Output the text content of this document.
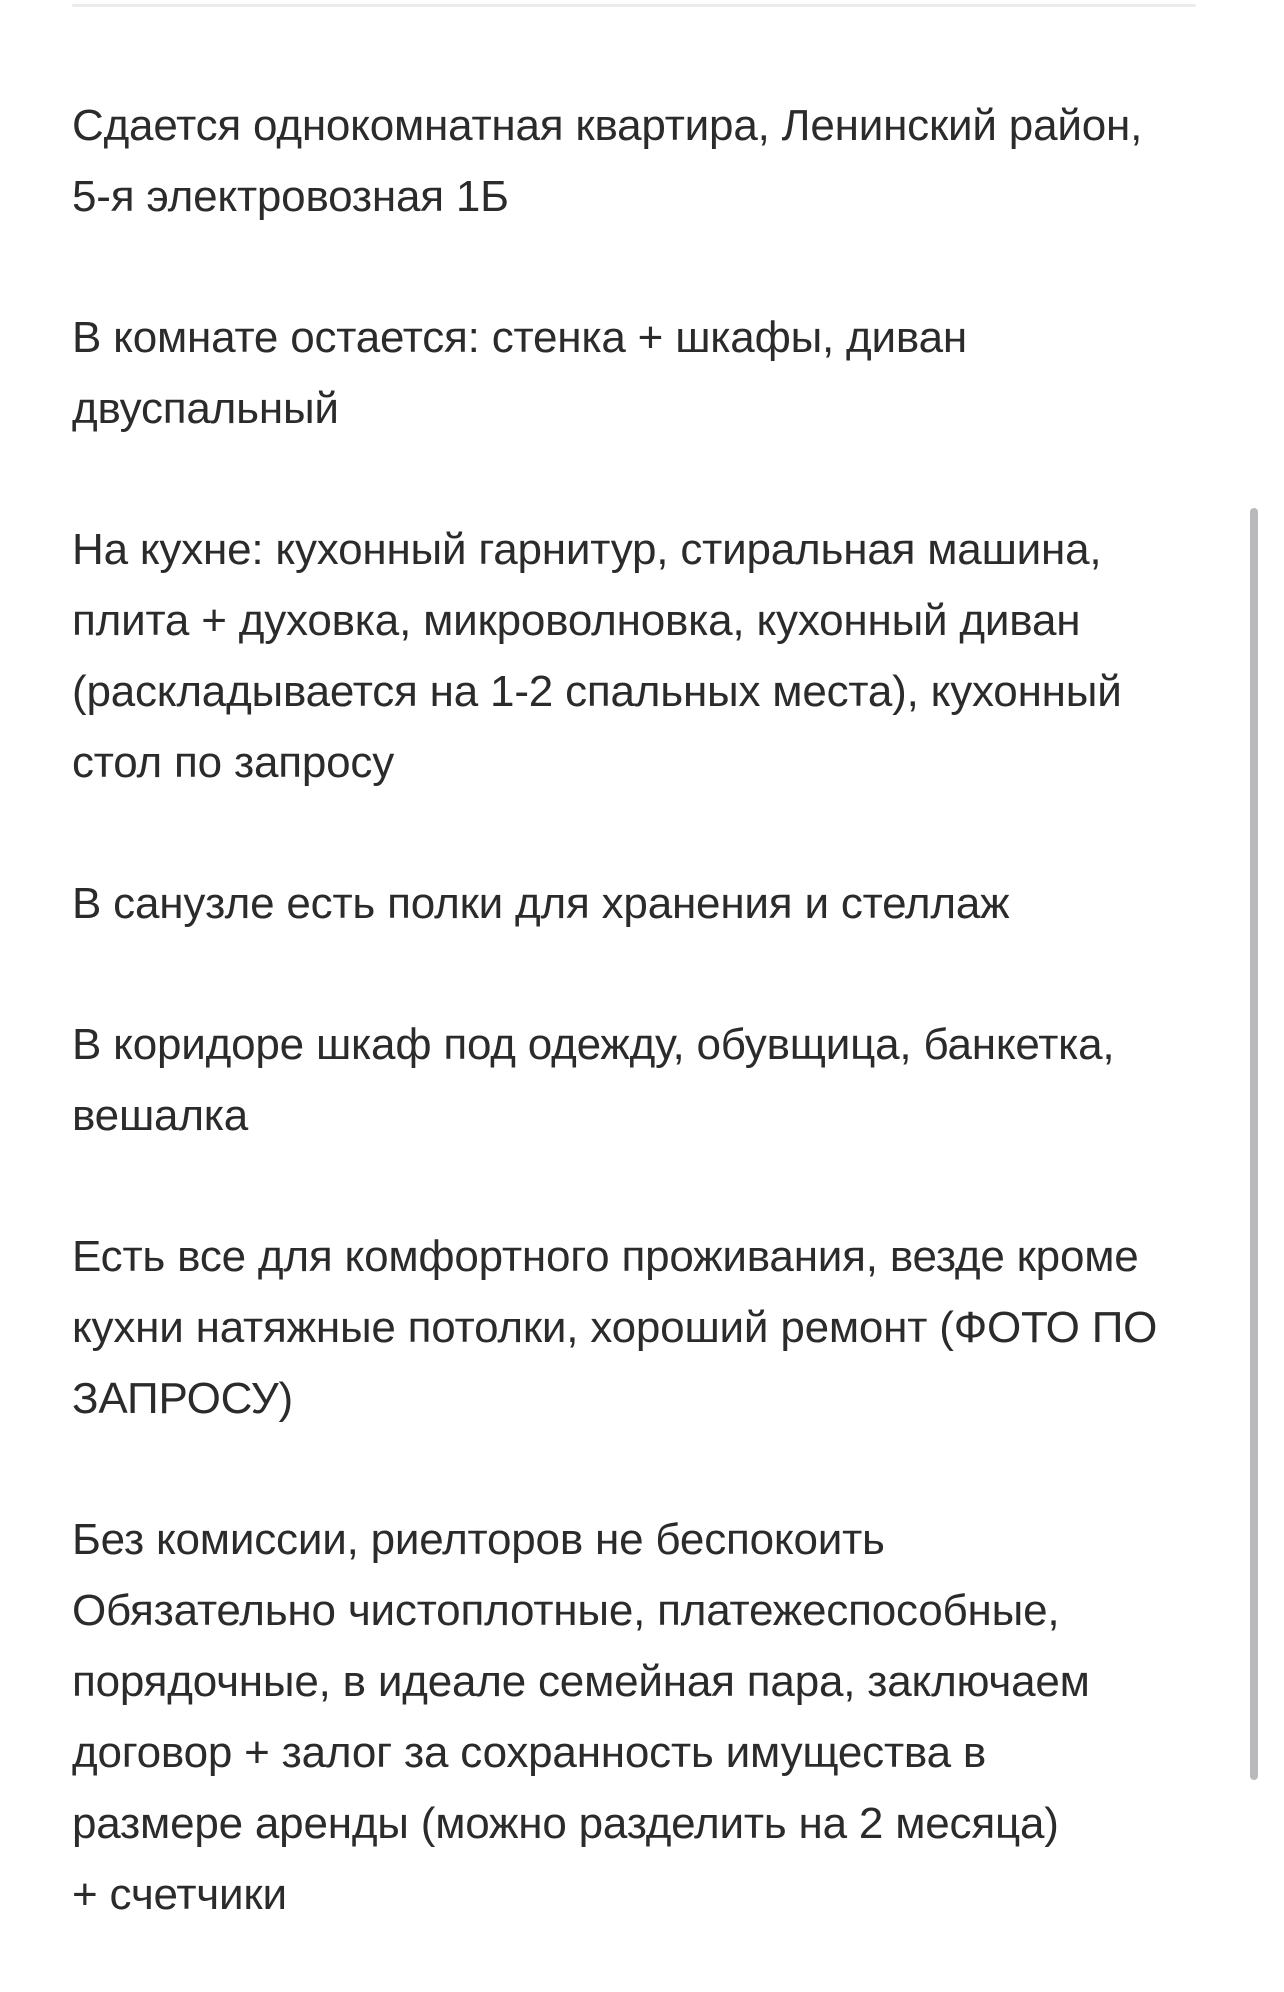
Сдается однокомнатная квартира, Ленинский район,
5-я электровозная 1Б

В комнате остается: стенка + шкафы, диван
двуспальный

На кухне: кухонный гарнитур, стиральная машина,
плита + духовка, микроволновка, кухонный диван
(раскладывается на 1-2 спальных места), кухонный
стол по запросу

В санузле есть полки для хранения и стеллаж

В коридоре шкаф под одежду, обувщица, банкетка,
вешалка

Есть все для комфортного проживания, везде кроме
кухни натяжные потолки, хороший ремонт (ФОТО ПО
ЗАПРОСУ)

Без комиссии, риелторов не беспокоить
Обязательно чистоплотные, платежеспособные,
порядочные, в идеале семейная пара, заключаем
договор + залог за сохранность имущества в
размере аренды (можно разделить на 2 месяца)
+ счетчики
